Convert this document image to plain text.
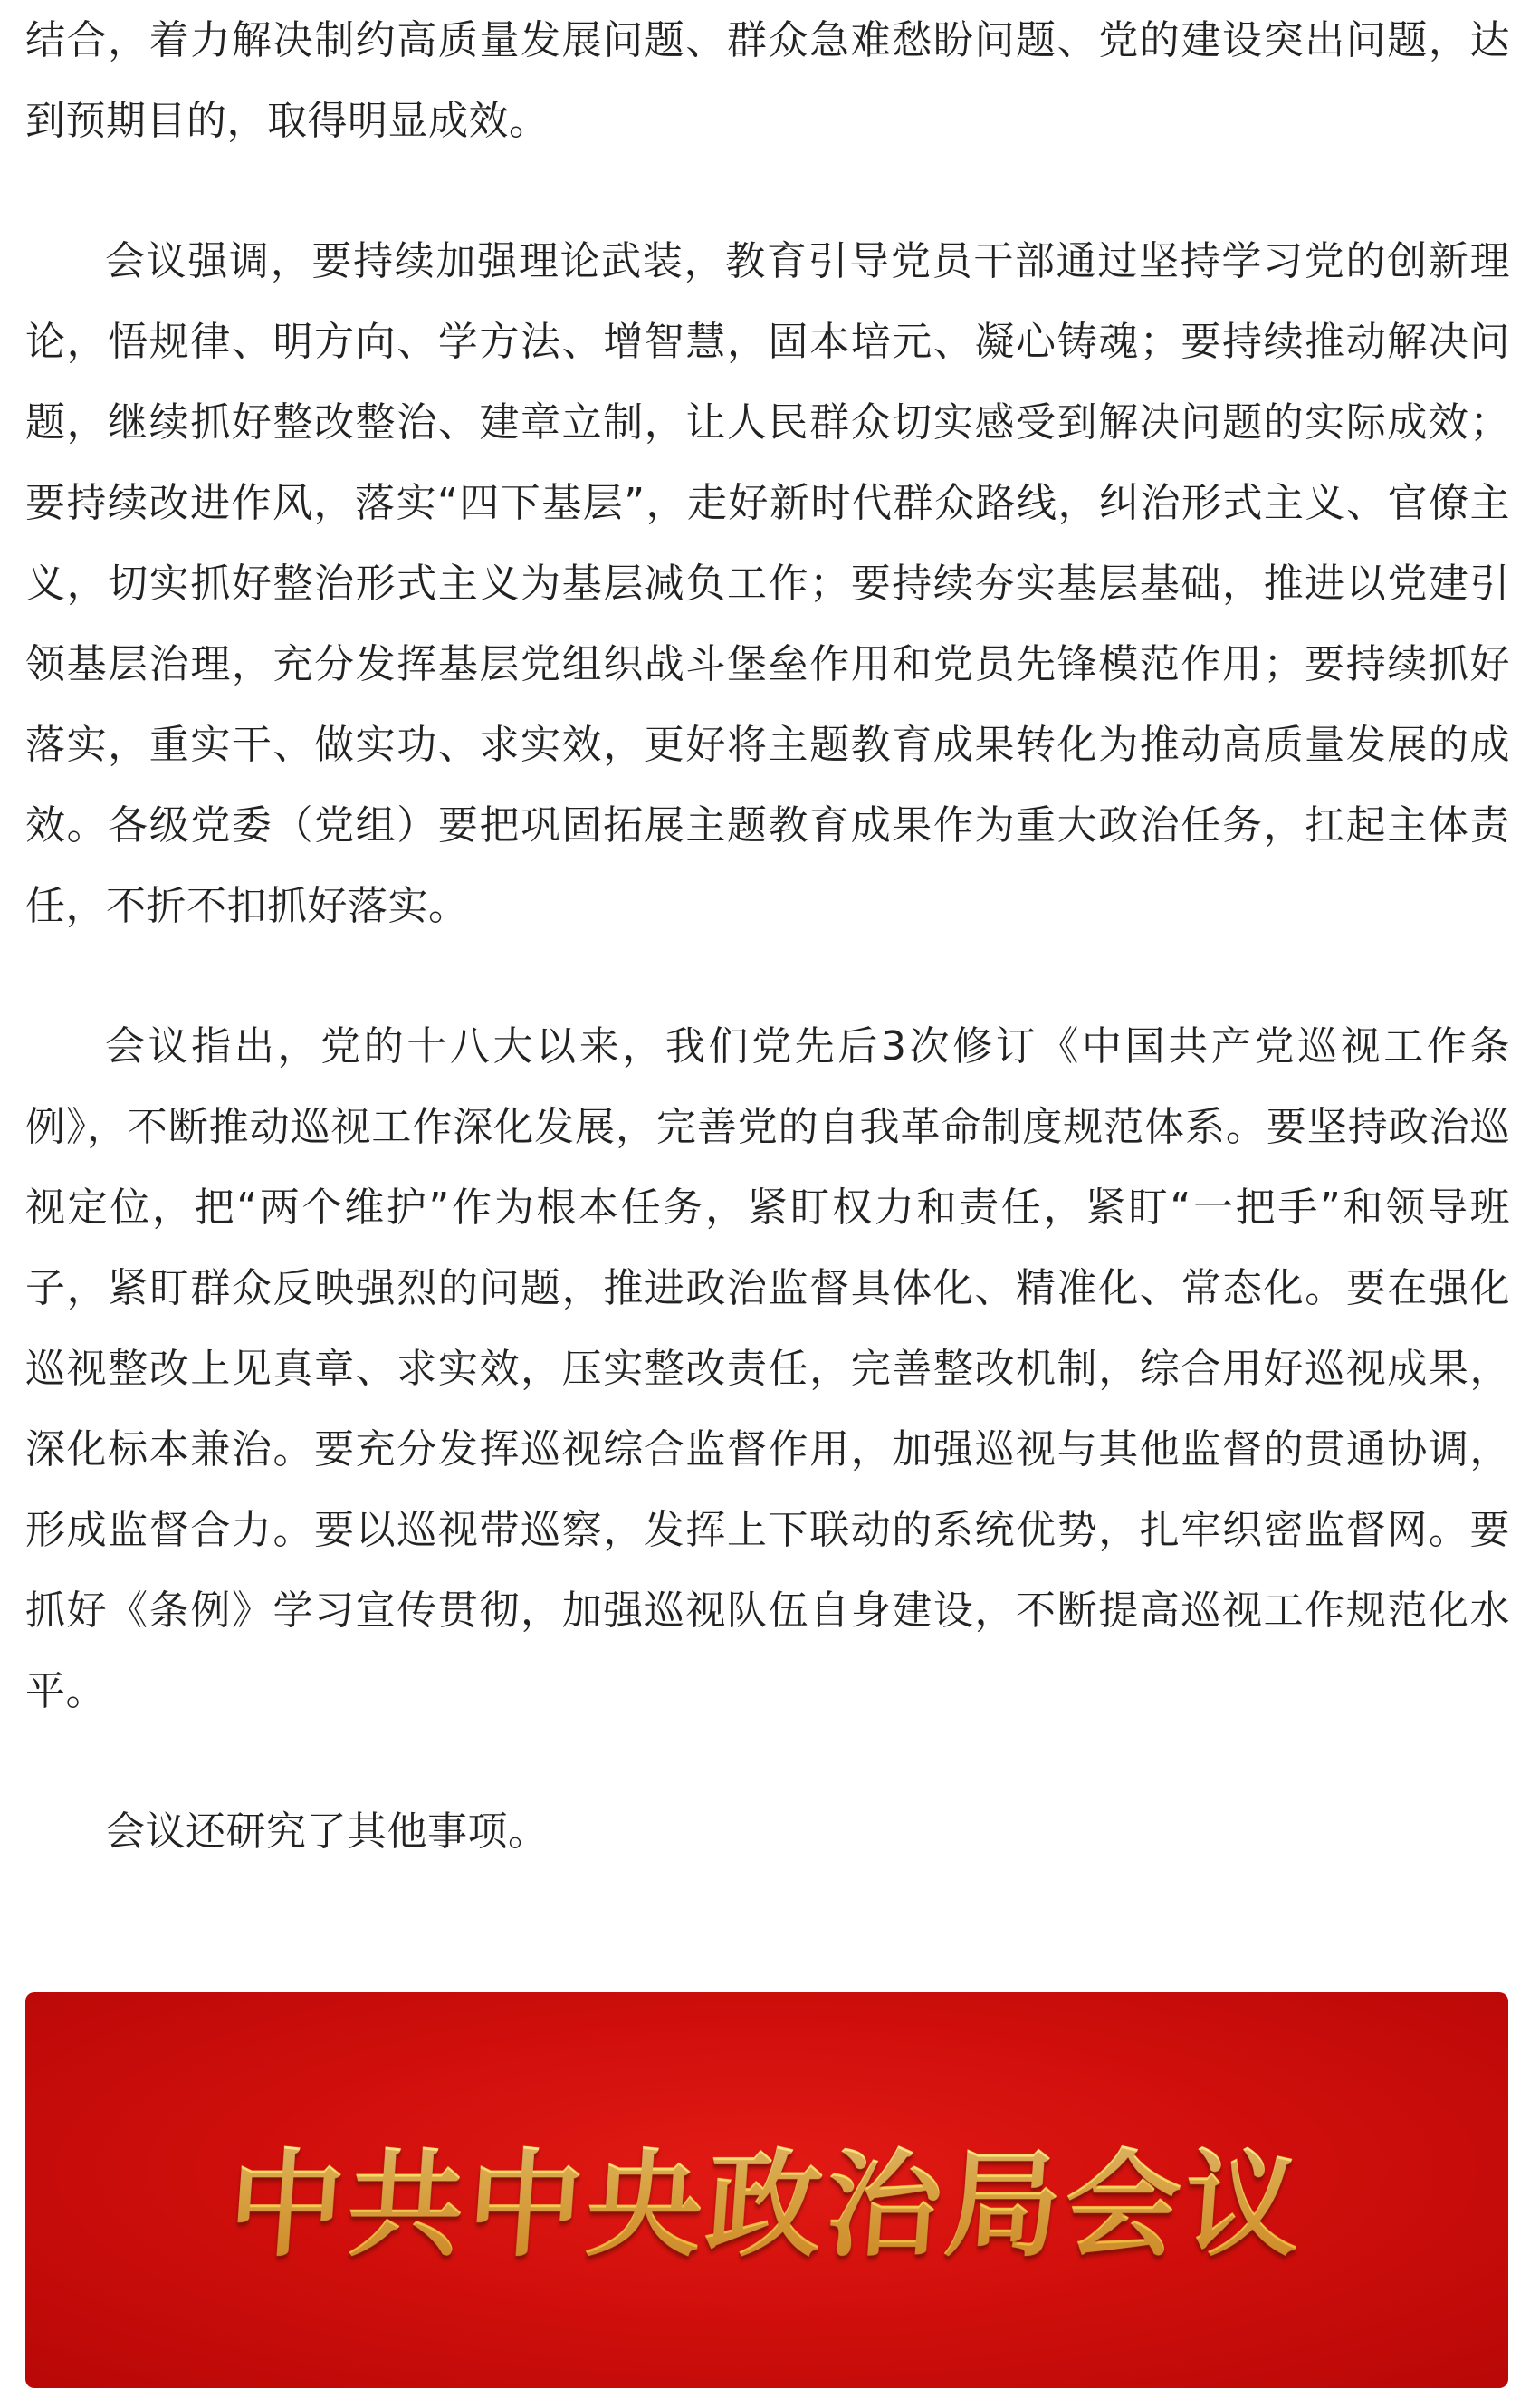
结合，着力解决制约高质量发展问题、群众急难愁盼问题、党的建设突出问题，达到预期目的，取得明显成效。

会议强调，要持续加强理论武装，教育引导党员干部通过坚持学习党的创新理论，悟规律、明方向、学方法、增智慧，固本培元、凝心铸魂；要持续推动解决问题，继续抓好整改整治、建章立制，让人民群众切实感受到解决问题的实际成效；要持续改进作风，落实“四下基层”，走好新时代群众路线，纠治形式主义、官僚主义，切实抓好整治形式主义为基层减负工作；要持续夯实基层基础，推进以党建引领基层治理，充分发挥基层党组织战斗堡垒作用和党员先锋模范作用；要持续抓好落实，重实干、做实功、求实效，更好将主题教育成果转化为推动高质量发展的成效。各级党委（党组）要把巩固拓展主题教育成果作为重大政治任务，扛起主体责任，不折不扣抓好落实。

会议指出，党的十八大以来，我们党先后3次修订《中国共产党巡视工作条例》，不断推动巡视工作深化发展，完善党的自我革命制度规范体系。要坚持政治巡视定位，把“两个维护”作为根本任务，紧盯权力和责任，紧盯“一把手”和领导班子，紧盯群众反映强烈的问题，推进政治监督具体化、精准化、常态化。要在强化巡视整改上见真章、求实效，压实整改责任，完善整改机制，综合用好巡视成果，深化标本兼治。要充分发挥巡视综合监督作用，加强巡视与其他监督的贯通协调，形成监督合力。要以巡视带巡察，发挥上下联动的系统优势，扎牢织密监督网。要抓好《条例》学习宣传贯彻，加强巡视队伍自身建设，不断提高巡视工作规范化水平。

会议还研究了其他事项。

中共中央政治局会议
